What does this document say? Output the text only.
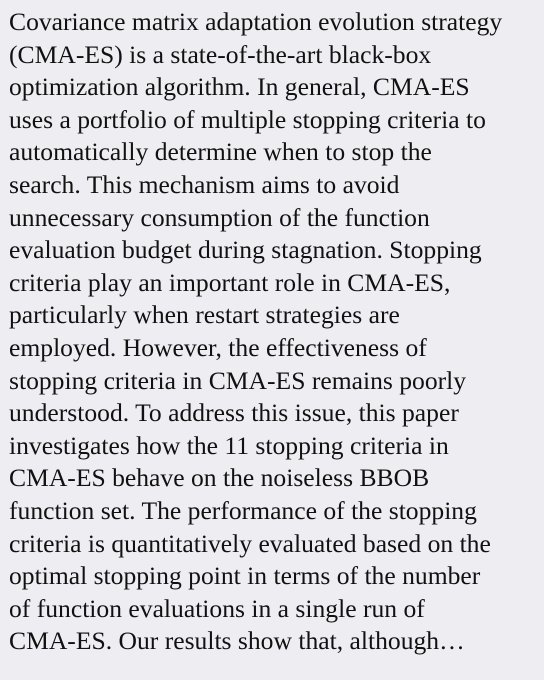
Covariance matrix adaptation evolution strategy
(CMA-ES) is a state-of-the-art black-box
optimization algorithm. In general, CMA-ES
uses a portfolio of multiple stopping criteria to
automatically determine when to stop the
search. This mechanism aims to avoid
unnecessary consumption of the function
evaluation budget during stagnation. Stopping
criteria play an important role in CMA-ES,
particularly when restart strategies are
employed. However, the effectiveness of
stopping criteria in CMA-ES remains poorly
understood. To address this issue, this paper
investigates how the 11 stopping criteria in
CMA-ES behave on the noiseless BBOB
function set. The performance of the stopping
criteria is quantitatively evaluated based on the
optimal stopping point in terms of the number
of function evaluations in a single run of
CMA-ES. Our results show that, although…
